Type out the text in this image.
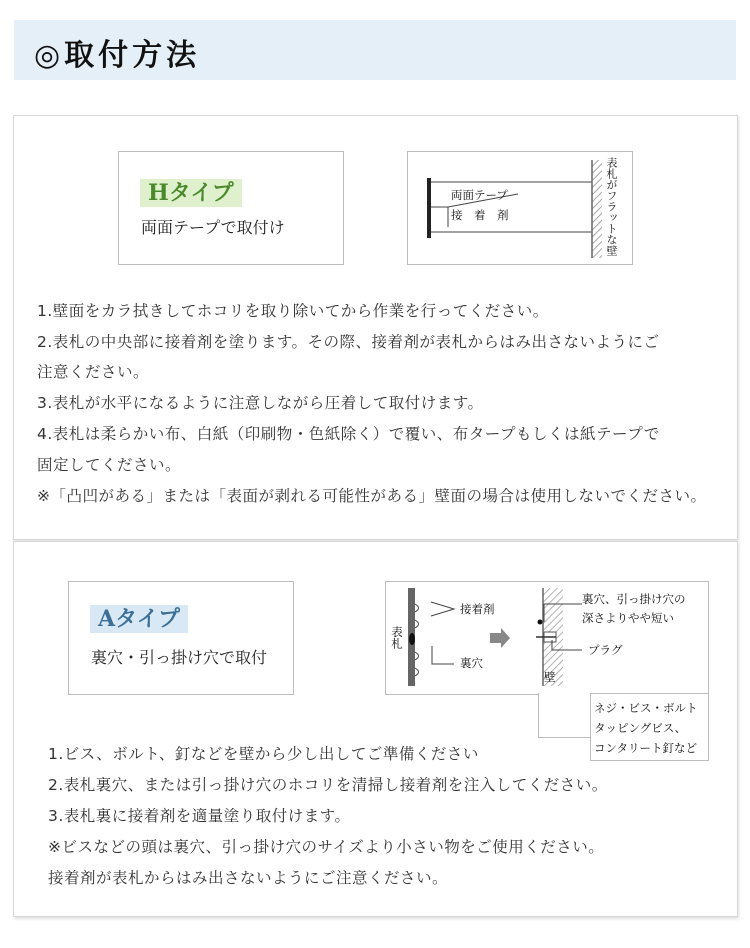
◎取付方法
Hタイプ
両面テープで取付け
両面テープ
接　着　剤	表札がフラットな壁
1.壁面をカラ拭きしてホコリを取り除いてから作業を行ってください。
2.表札の中央部に接着剤を塗ります。その際、接着剤が表札からはみ出さないようにご
注意ください。
3.表札が水平になるように注意しながら圧着して取付けます。
4.表札は柔らかい布、白紙（印刷物・色紙除く）で覆い、布タープもしくは紙テープで
固定してください。
※「凸凹がある」または「表面が剥れる可能性がある」壁面の場合は使用しないでください。
Aタイプ
裏穴・引っ掛け穴で取付
表札
接着剤
裏穴
裏穴、引っ掛け穴の
深さよりやや短い
プラグ
壁
ネジ・ビス・ボルト
タッピングビス、
コンタリート釘など
1.ビス、ボルト、釘などを壁から少し出してご準備ください
2.表札裏穴、または引っ掛け穴のホコリを清掃し接着剤を注入してください。
3.表札裏に接着剤を適量塗り取付けます。
※ビスなどの頭は裏穴、引っ掛け穴のサイズより小さい物をご使用ください。
接着剤が表札からはみ出さないようにご注意ください。
